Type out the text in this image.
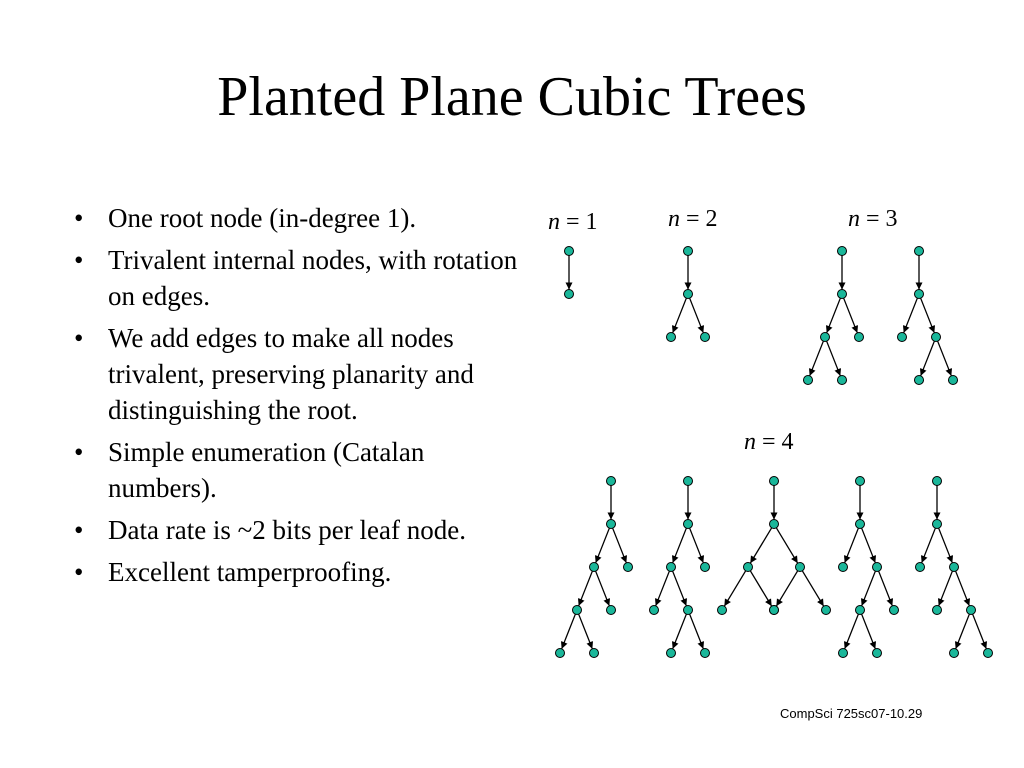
Planted Plane Cubic Trees
• One root node (in-degree 1).
• Trivalent internal nodes, with rotation on edges.
• We add edges to make all nodes trivalent, preserving planarity and distinguishing the root.
• Simple enumeration (Catalan numbers).
• Data rate is ~2 bits per leaf node.
• Excellent tamperproofing.
n = 1	n = 2	n = 3
n = 4
CompSci 725sc07-10.29
